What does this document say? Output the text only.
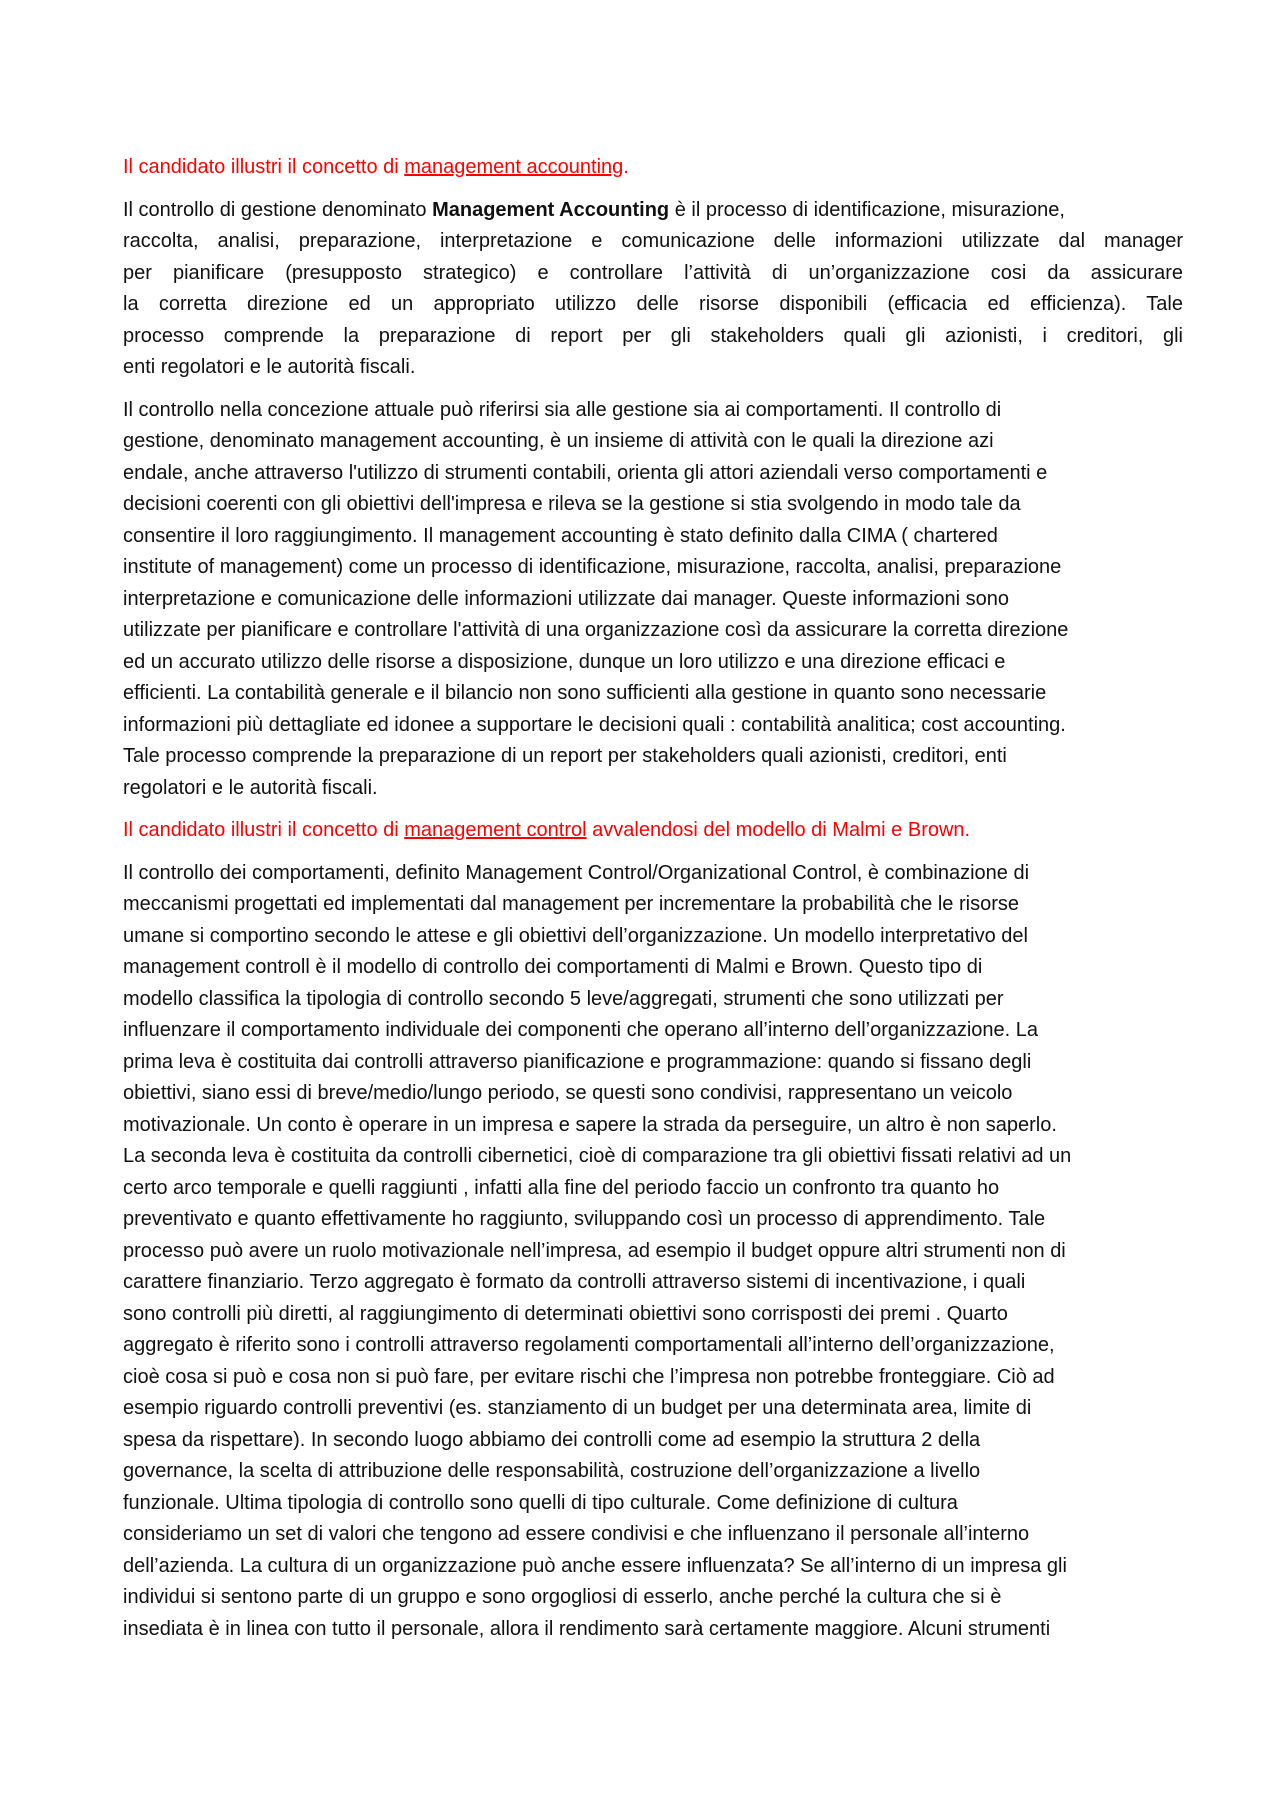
Il candidato illustri il concetto di management accounting.
Il controllo di gestione denominato Management Accounting è il processo di identificazione, misurazione,
raccolta, analisi, preparazione, interpretazione e comunicazione delle informazioni utilizzate dal manager
per pianificare (presupposto strategico) e controllare l’attività di un’organizzazione cosi da assicurare
la corretta direzione ed un appropriato utilizzo delle risorse disponibili (efficacia ed efficienza). Tale
processo comprende la preparazione di report per gli stakeholders quali gli azionisti, i creditori, gli
enti regolatori e le autorità fiscali.
Il controllo nella concezione attuale può riferirsi sia alle gestione sia ai comportamenti. Il controllo di
gestione, denominato management accounting, è un insieme di attività con le quali la direzione azi
endale, anche attraverso l'utilizzo di strumenti contabili, orienta gli attori aziendali verso comportamenti e
decisioni coerenti con gli obiettivi dell'impresa e rileva se la gestione si stia svolgendo in modo tale da
consentire il loro raggiungimento. Il management accounting è stato definito dalla CIMA ( chartered
institute of management) come un processo di identificazione, misurazione, raccolta, analisi, preparazione
interpretazione e comunicazione delle informazioni utilizzate dai manager. Queste informazioni sono
utilizzate per pianificare e controllare l'attività di una organizzazione così da assicurare la corretta direzione
ed un accurato utilizzo delle risorse a disposizione, dunque un loro utilizzo e una direzione efficaci e
efficienti. La contabilità generale e il bilancio non sono sufficienti alla gestione in quanto sono necessarie
informazioni più dettagliate ed idonee a supportare le decisioni quali : contabilità analitica; cost accounting.
Tale processo comprende la preparazione di un report per stakeholders quali azionisti, creditori, enti
regolatori e le autorità fiscali.
Il candidato illustri il concetto di management control avvalendosi del modello di Malmi e Brown.
Il controllo dei comportamenti, definito Management Control/Organizational Control, è combinazione di
meccanismi progettati ed implementati dal management per incrementare la probabilità che le risorse
umane si comportino secondo le attese e gli obiettivi dell’organizzazione. Un modello interpretativo del
management controll è il modello di controllo dei comportamenti di Malmi e Brown. Questo tipo di
modello classifica la tipologia di controllo secondo 5 leve/aggregati, strumenti che sono utilizzati per
influenzare il comportamento individuale dei componenti che operano all’interno dell’organizzazione. La
prima leva è costituita dai controlli attraverso pianificazione e programmazione: quando si fissano degli
obiettivi, siano essi di breve/medio/lungo periodo, se questi sono condivisi, rappresentano un veicolo
motivazionale. Un conto è operare in un impresa e sapere la strada da perseguire, un altro è non saperlo.
La seconda leva è costituita da controlli cibernetici, cioè di comparazione tra gli obiettivi fissati relativi ad un
certo arco temporale e quelli raggiunti , infatti alla fine del periodo faccio un confronto tra quanto ho
preventivato e quanto effettivamente ho raggiunto, sviluppando così un processo di apprendimento. Tale
processo può avere un ruolo motivazionale nell’impresa, ad esempio il budget oppure altri strumenti non di
carattere finanziario. Terzo aggregato è formato da controlli attraverso sistemi di incentivazione, i quali
sono controlli più diretti, al raggiungimento di determinati obiettivi sono corrisposti dei premi . Quarto
aggregato è riferito sono i controlli attraverso regolamenti comportamentali all’interno dell’organizzazione,
cioè cosa si può e cosa non si può fare, per evitare rischi che l’impresa non potrebbe fronteggiare. Ciò ad
esempio riguardo controlli preventivi (es. stanziamento di un budget per una determinata area, limite di
spesa da rispettare). In secondo luogo abbiamo dei controlli come ad esempio la struttura 2 della
governance, la scelta di attribuzione delle responsabilità, costruzione dell’organizzazione a livello
funzionale. Ultima tipologia di controllo sono quelli di tipo culturale. Come definizione di cultura
consideriamo un set di valori che tengono ad essere condivisi e che influenzano il personale all’interno
dell’azienda. La cultura di un organizzazione può anche essere influenzata? Se all’interno di un impresa gli
individui si sentono parte di un gruppo e sono orgogliosi di esserlo, anche perché la cultura che si è
insediata è in linea con tutto il personale, allora il rendimento sarà certamente maggiore. Alcuni strumenti
